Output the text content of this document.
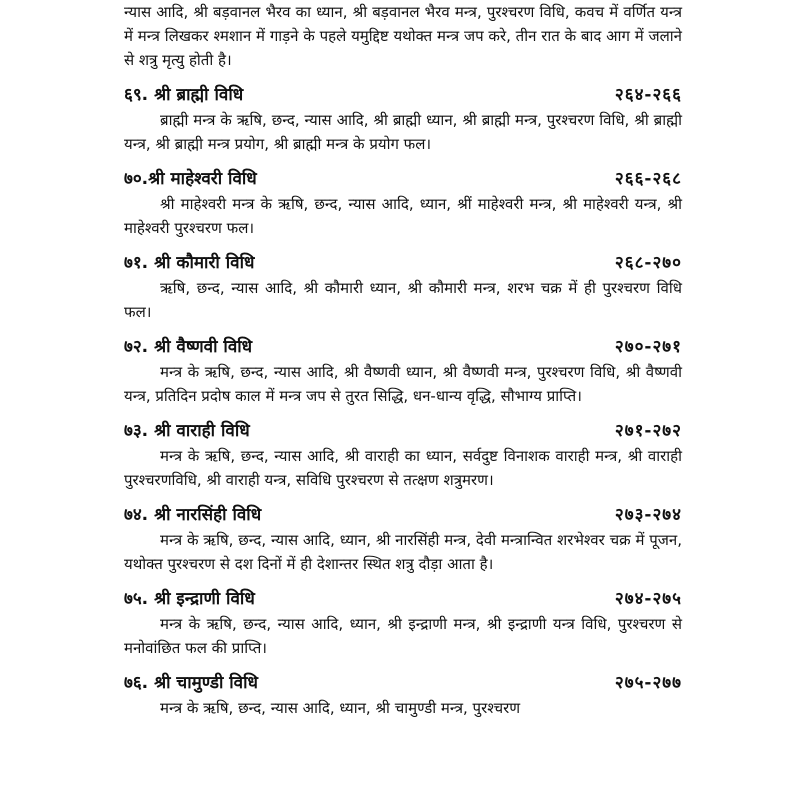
न्यास आदि, श्री बड़वानल भैरव का ध्यान, श्री बड़वानल भैरव मन्त्र, पुरश्चरण विधि, कवच में वर्णित यन्त्र में मन्त्र लिखकर श्मशान में गाड़ने के पहले यमुद्दिष्ट यथोक्त मन्त्र जप करे, तीन रात के बाद आग में जलाने से शत्रु मृत्यु होती है।

६९. श्री ब्राह्मी विधि	२६४-२६६

ब्राह्मी मन्त्र के ऋषि, छन्द, न्यास आदि, श्री ब्राह्मी ध्यान, श्री ब्राह्मी मन्त्र, पुरश्चरण विधि, श्री ब्राह्मी यन्त्र, श्री ब्राह्मी मन्त्र प्रयोग, श्री ब्राह्मी मन्त्र के प्रयोग फल।

७०.श्री माहेश्वरी विधि	२६६-२६८

श्री माहेश्वरी मन्त्र के ऋषि, छन्द, न्यास आदि, ध्यान, श्रीं माहेश्वरी मन्त्र, श्री माहेश्वरी यन्त्र, श्री माहेश्वरी पुरश्चरण फल।

७१. श्री कौमारी विधि	२६८-२७०

ऋषि, छन्द, न्यास आदि, श्री कौमारी ध्यान, श्री कौमारी मन्त्र, शरभ चक्र में ही पुरश्चरण विधि फल।

७२. श्री वैष्णवी विधि	२७०-२७१

मन्त्र के ऋषि, छन्द, न्यास आदि, श्री वैष्णवी ध्यान, श्री वैष्णवी मन्त्र, पुरश्चरण विधि, श्री वैष्णवी यन्त्र, प्रतिदिन प्रदोष काल में मन्त्र जप से तुरत सिद्धि, धन-धान्य वृद्धि, सौभाग्य प्राप्ति।

७३. श्री वाराही विधि	२७१-२७२

मन्त्र के ऋषि, छन्द, न्यास आदि, श्री वाराही का ध्यान, सर्वदुष्ट विनाशक वाराही मन्त्र, श्री वाराही पुरश्चरणविधि, श्री वाराही यन्त्र, सविधि पुरश्चरण से तत्क्षण शत्रुमरण।

७४. श्री नारसिंही विधि	२७३-२७४

मन्त्र के ऋषि, छन्द, न्यास आदि, ध्यान, श्री नारसिंही मन्त्र, देवी मन्त्रान्वित शरभेश्वर चक्र में पूजन, यथोक्त पुरश्चरण से दश दिनों में ही देशान्तर स्थित शत्रु दौड़ा आता है।

७५. श्री इन्द्राणी विधि	२७४-२७५

मन्त्र के ऋषि, छन्द, न्यास आदि, ध्यान, श्री इन्द्राणी मन्त्र, श्री इन्द्राणी यन्त्र विधि, पुरश्चरण से मनोवांछित फल की प्राप्ति।

७६. श्री चामुण्डी विधि	२७५-२७७

मन्त्र के ऋषि, छन्द, न्यास आदि, ध्यान, श्री चामुण्डी मन्त्र, पुरश्चरण
